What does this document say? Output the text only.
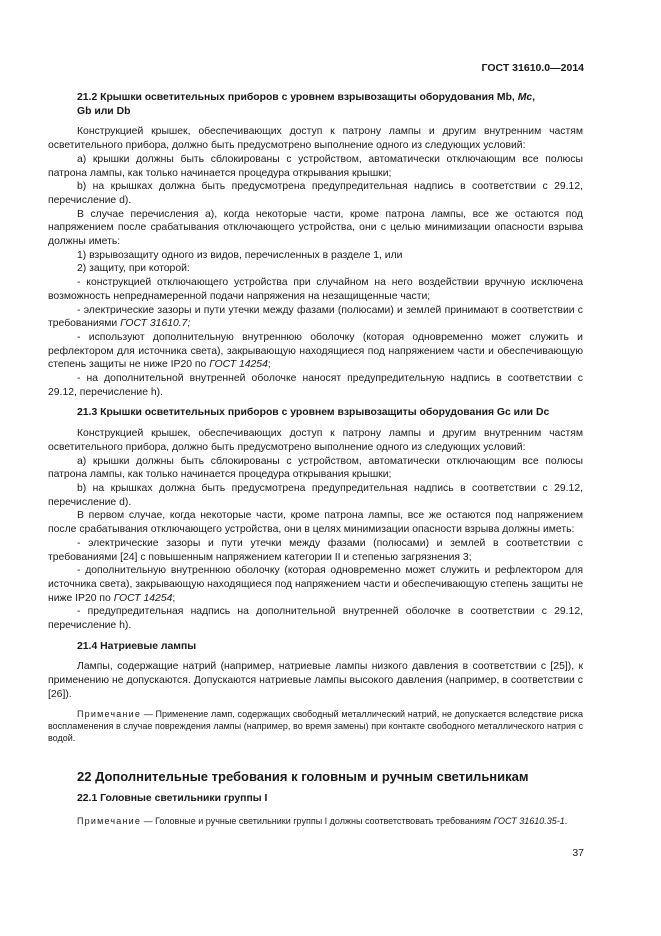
ГОСТ 31610.0—2014

21.2 Крышки осветительных приборов с уровнем взрывозащиты оборудования Mb, Mc,

Gb или Db

Конструкцией крышек, обеспечивающих доступ к патрону лампы и другим внутренним частям осветительного прибора, должно быть предусмотрено выполнение одного из следующих условий:

а) крышки должны быть сблокированы с устройством, автоматически отключающим все полюсы патрона лампы, как только начинается процедура открывания крышки;

b) на крышках должна быть предусмотрена предупредительная надпись в соответствии с 29.12, перечисление d).

В случае перечисления а), когда некоторые части, кроме патрона лампы, все же остаются под напряжением после срабатывания отключающего устройства, они с целью минимизации опасности взрыва должны иметь:

1) взрывозащиту одного из видов, перечисленных в разделе 1, или

2) защиту, при которой:

- конструкцией отключающего устройства при случайном на него воздействии вручную исключена возможность непреднамеренной подачи напряжения на незащищенные части;

- электрические зазоры и пути утечки между фазами (полюсами) и землей принимают в соответствии с требованиями ГОСТ 31610.7;

- используют дополнительную внутреннюю оболочку (которая одновременно может служить и рефлектором для источника света), закрывающую находящиеся под напряжением части и обеспечивающую степень защиты не ниже IP20 по ГОСТ 14254;

- на дополнительной внутренней оболочке наносят предупредительную надпись в соответствии с 29.12, перечисление h).

21.3 Крышки осветительных приборов с уровнем взрывозащиты оборудования Gc или Dc

Конструкцией крышек, обеспечивающих доступ к патрону лампы и другим внутренним частям осветительного прибора, должно быть предусмотрено выполнение одного из следующих условий:

а) крышки должны быть сблокированы с устройством, автоматически отключающим все полюсы патрона лампы, как только начинается процедура открывания крышки;

b) на крышках должна быть предусмотрена предупредительная надпись в соответствии с 29.12, перечисление d).

В первом случае, когда некоторые части, кроме патрона лампы, все же остаются под напряжением после срабатывания отключающего устройства, они в целях минимизации опасности взрыва должны иметь:

- электрические зазоры и пути утечки между фазами (полюсами) и землей в соответствии с требованиями [24] с повышенным напряжением категории II и степенью загрязнения 3;

- дополнительную внутреннюю оболочку (которая одновременно может служить и рефлектором для источника света), закрывающую находящиеся под напряжением части и обеспечивающую степень защиты не ниже IP20 по ГОСТ 14254;

- предупредительная надпись на дополнительной внутренней оболочке в соответствии с 29.12, перечисление h).

21.4 Натриевые лампы

Лампы, содержащие натрий (например, натриевые лампы низкого давления в соответствии с [25]), к применению не допускаются. Допускаются натриевые лампы высокого давления (например, в соответствии с [26]).

Примечание — Применение ламп, содержащих свободный металлический натрий, не допускается вследствие риска воспламенения в случае повреждения лампы (например, во время замены) при контакте свободного металлического натрия с водой.

22 Дополнительные требования к головным и ручным светильникам

22.1 Головные светильники группы I

Примечание — Головные и ручные светильники группы I должны соответствовать требованиям ГОСТ 31610.35-1.

37
